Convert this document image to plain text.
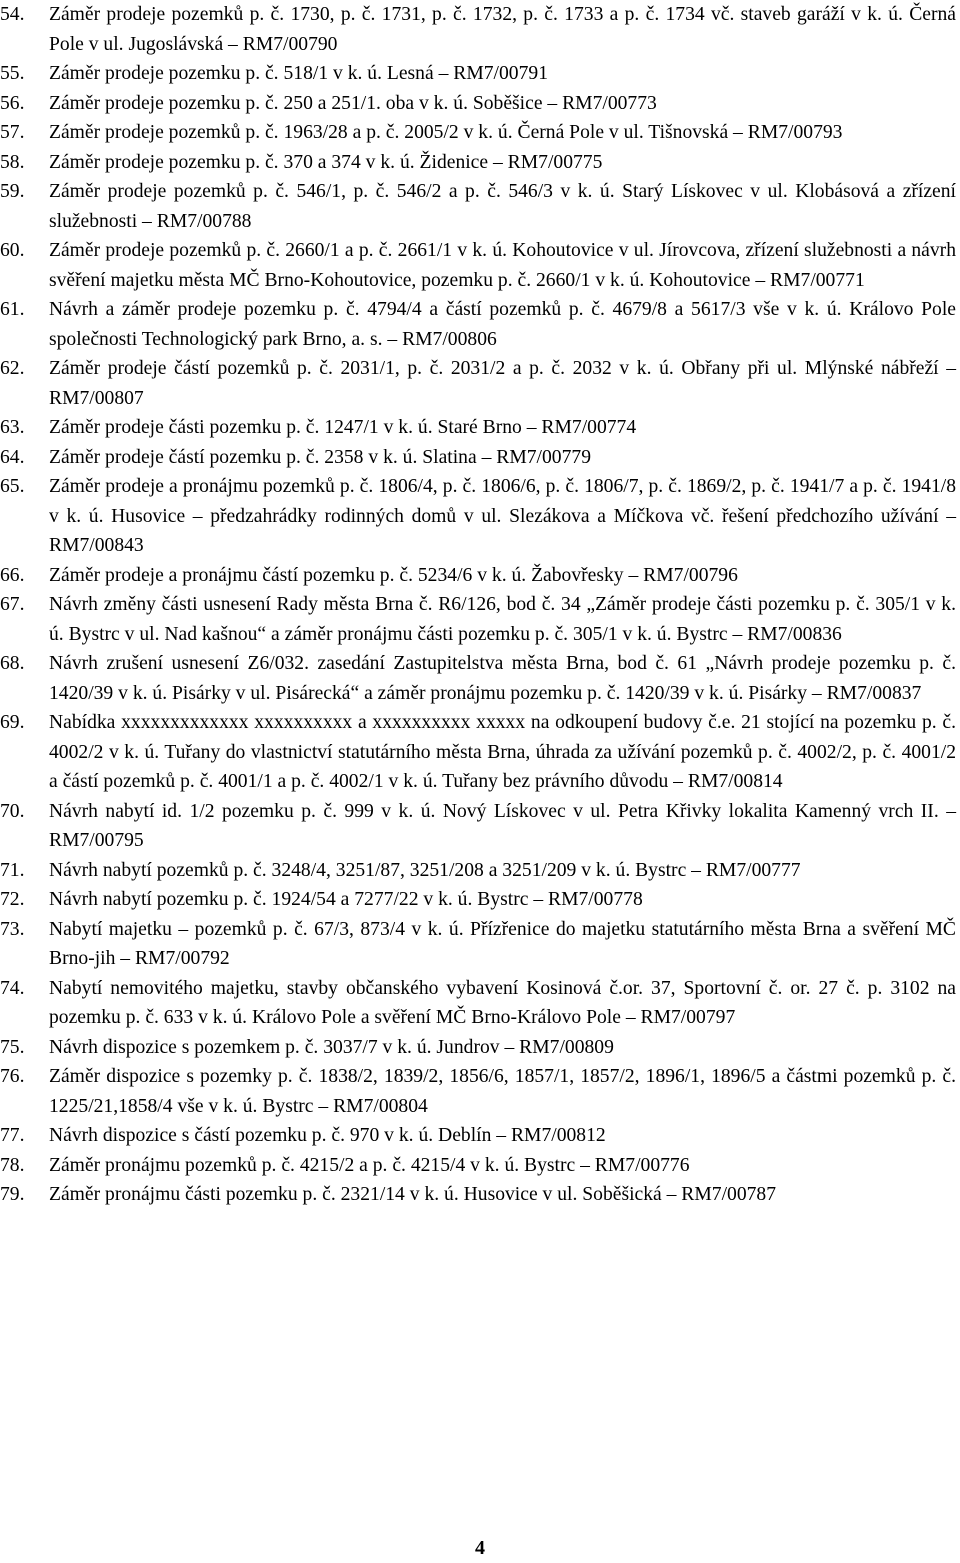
54. Záměr prodeje pozemků p. č. 1730, p. č. 1731, p. č. 1732, p. č. 1733 a p. č. 1734 vč. staveb garáží v k. ú. Černá Pole v ul. Jugoslávská – RM7/00790
55. Záměr prodeje pozemku p. č. 518/1 v k. ú. Lesná – RM7/00791
56. Záměr prodeje pozemku p. č. 250 a 251/1. oba v k. ú. Soběšice – RM7/00773
57. Záměr prodeje pozemků p. č. 1963/28 a p. č. 2005/2 v k. ú. Černá Pole v ul. Tišnovská – RM7/00793
58. Záměr prodeje pozemku p. č. 370 a 374 v k. ú. Židenice – RM7/00775
59. Záměr prodeje pozemků p. č. 546/1, p. č. 546/2 a p. č. 546/3 v k. ú. Starý Lískovec v ul. Klobásová a zřízení služebnosti – RM7/00788
60. Záměr prodeje pozemků p. č. 2660/1 a p. č. 2661/1 v k. ú. Kohoutovice v ul. Jírovcova, zřízení služebnosti a návrh svěření majetku města MČ Brno-Kohoutovice, pozemku p. č. 2660/1 v k. ú. Kohoutovice – RM7/00771
61. Návrh a záměr prodeje pozemku p. č. 4794/4 a částí pozemků p. č. 4679/8 a 5617/3 vše v k. ú. Královo Pole společnosti Technologický park Brno, a. s. – RM7/00806
62. Záměr prodeje částí pozemků p. č. 2031/1, p. č. 2031/2 a p. č. 2032 v k. ú. Obřany při ul. Mlýnské nábřeží – RM7/00807
63. Záměr prodeje části pozemku p. č. 1247/1 v k. ú. Staré Brno – RM7/00774
64. Záměr prodeje částí pozemku p. č. 2358 v k. ú. Slatina – RM7/00779
65. Záměr prodeje a pronájmu pozemků p. č. 1806/4, p. č. 1806/6, p. č. 1806/7, p. č. 1869/2, p. č. 1941/7 a p. č. 1941/8 v k. ú. Husovice – předzahrádky rodinných domů v ul. Slezákova a Míčkova vč. řešení předchozího užívání – RM7/00843
66. Záměr prodeje a pronájmu částí pozemku p. č. 5234/6 v k. ú. Žabovřesky – RM7/00796
67. Návrh změny části usnesení Rady města Brna č. R6/126, bod č. 34 „Záměr prodeje části pozemku p. č. 305/1 v k. ú. Bystrc v ul. Nad kašnou“ a záměr pronájmu části pozemku p. č. 305/1 v k. ú. Bystrc – RM7/00836
68. Návrh zrušení usnesení Z6/032. zasedání Zastupitelstva města Brna, bod č. 61 „Návrh prodeje pozemku p. č. 1420/39 v k. ú. Pisárky v ul. Pisárecká“ a záměr pronájmu pozemku p. č. 1420/39 v k. ú. Pisárky – RM7/00837
69. Nabídka xxxxxxxxxxxxx xxxxxxxxxx a xxxxxxxxxx xxxxx na odkoupení budovy č.e. 21 stojící na pozemku p. č. 4002/2 v k. ú. Tuřany do vlastnictví statutárního města Brna, úhrada za užívání pozemků p. č. 4002/2, p. č. 4001/2 a částí pozemků p. č. 4001/1 a p. č. 4002/1 v k. ú. Tuřany bez právního důvodu – RM7/00814
70. Návrh nabytí id. 1/2 pozemku p. č. 999 v k. ú. Nový Lískovec v ul. Petra Křivky lokalita Kamenný vrch II. – RM7/00795
71. Návrh nabytí pozemků p. č. 3248/4, 3251/87, 3251/208 a 3251/209 v k. ú. Bystrc – RM7/00777
72. Návrh nabytí pozemku p. č. 1924/54 a 7277/22 v k. ú. Bystrc – RM7/00778
73. Nabytí majetku – pozemků p. č. 67/3, 873/4 v k. ú. Přízřenice do majetku statutárního města Brna a svěření MČ Brno-jih – RM7/00792
74. Nabytí nemovitého majetku, stavby občanského vybavení Kosinová č.or. 37, Sportovní č. or. 27 č. p. 3102 na pozemku p. č. 633 v k. ú. Královo Pole a svěření MČ Brno-Královo Pole – RM7/00797
75. Návrh dispozice s pozemkem p. č. 3037/7 v k. ú. Jundrov – RM7/00809
76. Záměr dispozice s pozemky p. č. 1838/2, 1839/2, 1856/6, 1857/1, 1857/2, 1896/1, 1896/5 a částmi pozemků p. č. 1225/21,1858/4 vše v k. ú. Bystrc – RM7/00804
77. Návrh dispozice s částí pozemku p. č. 970 v k. ú. Deblín – RM7/00812
78. Záměr pronájmu pozemků p. č. 4215/2 a p. č. 4215/4 v k. ú. Bystrc – RM7/00776
79. Záměr pronájmu části pozemku p. č. 2321/14 v k. ú. Husovice v ul. Soběšická – RM7/00787
4
